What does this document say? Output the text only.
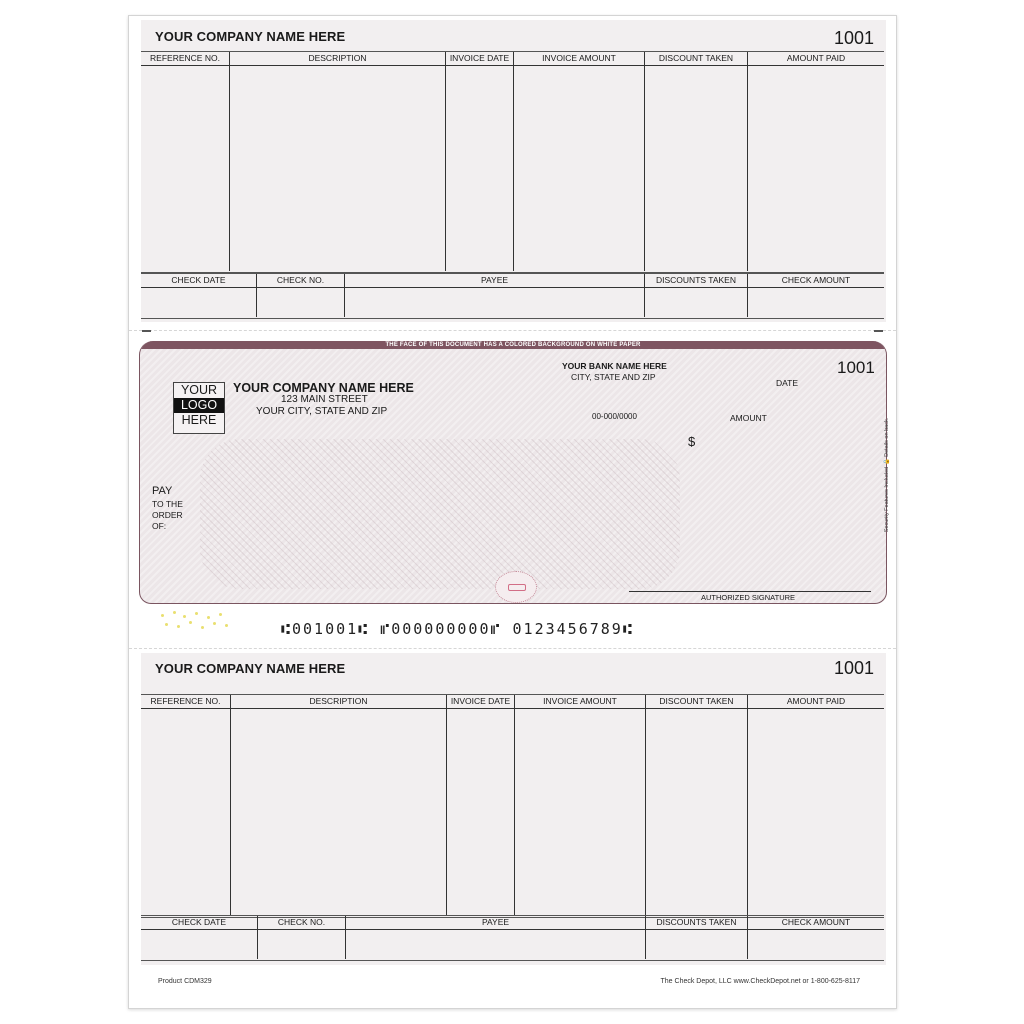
YOUR COMPANY NAME HERE	1001
REFERENCE NO.	DESCRIPTION	INVOICE DATE	INVOICE AMOUNT	DISCOUNT TAKEN	AMOUNT PAID
CHECK DATE	CHECK NO.	PAYEE	DISCOUNTS TAKEN	CHECK AMOUNT
THE FACE OF THIS DOCUMENT HAS A COLORED BACKGROUND ON WHITE PAPER
YOUR
LOGO
HERE
YOUR COMPANY NAME HERE
123 MAIN STREET
YOUR CITY, STATE AND ZIP
YOUR BANK NAME HERE
CITY, STATE AND ZIP
00-000/0000
1001
DATE
AMOUNT
$
PAY
TO THE
ORDER
OF:
AUTHORIZED SIGNATURE
Security Features Included 🔒 Details on back.
⑆001001⑆ ⑈000000000⑈ 0123456789⑆
YOUR COMPANY NAME HERE	1001
REFERENCE NO.	DESCRIPTION	INVOICE DATE	INVOICE AMOUNT	DISCOUNT TAKEN	AMOUNT PAID
CHECK DATE	CHECK NO.	PAYEE	DISCOUNTS TAKEN	CHECK AMOUNT
Product CDM329	The Check Depot, LLC www.CheckDepot.net or 1-800-625-8117
